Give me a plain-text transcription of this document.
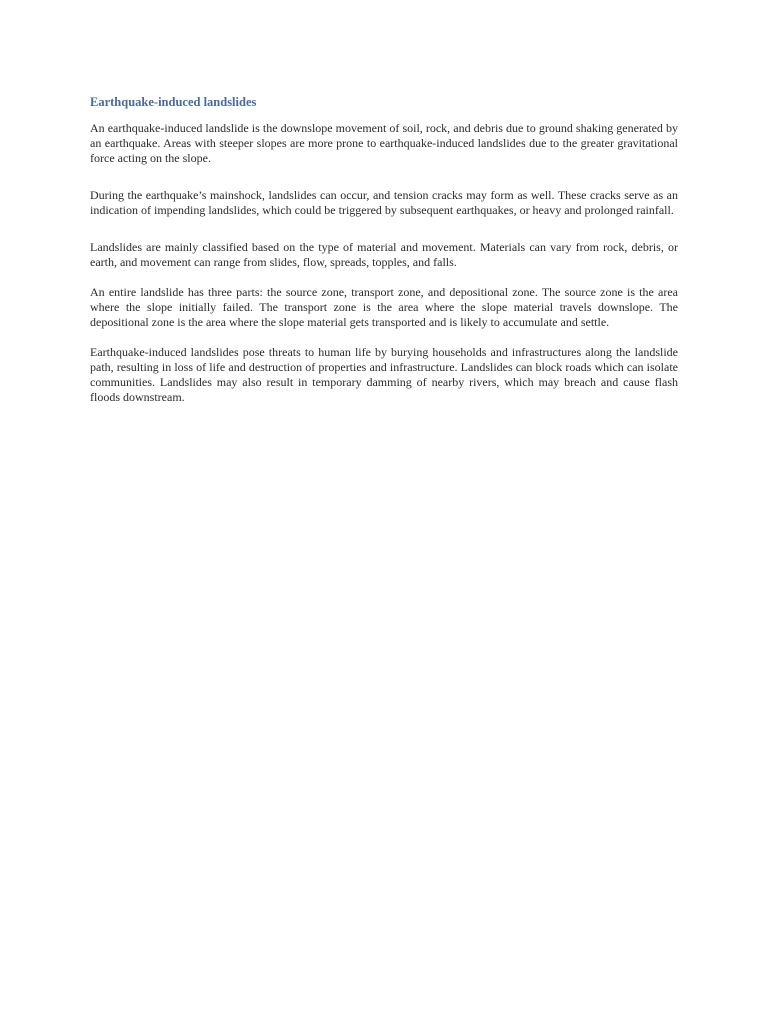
Earthquake-induced landslides

An earthquake-induced landslide is the downslope movement of soil, rock, and debris due to ground shaking generated by an earthquake. Areas with steeper slopes are more prone to earthquake-induced landslides due to the greater gravitational force acting on the slope.

During the earthquake’s mainshock, landslides can occur, and tension cracks may form as well. These cracks serve as an indication of impending landslides, which could be triggered by subsequent earthquakes, or heavy and prolonged rainfall.

Landslides are mainly classified based on the type of material and movement. Materials can vary from rock, debris, or earth, and movement can range from slides, flow, spreads, topples, and falls.

An entire landslide has three parts: the source zone, transport zone, and depositional zone. The source zone is the area where the slope initially failed. The transport zone is the area where the slope material travels downslope. The depositional zone is the area where the slope material gets transported and is likely to accumulate and settle.

Earthquake-induced landslides pose threats to human life by burying households and infrastructures along the landslide path, resulting in loss of life and destruction of properties and infrastructure. Landslides can block roads which can isolate communities. Landslides may also result in temporary damming of nearby rivers, which may breach and cause flash floods downstream.
